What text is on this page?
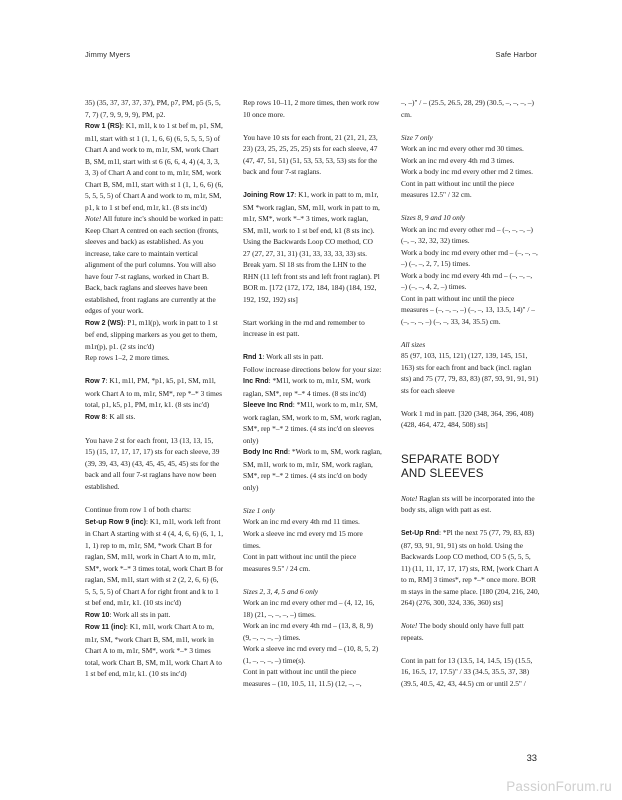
Jimmy Myers	Safe Harbor

35) (35, 37, 37, 37, 37), PM, p7, PM, p5 (5, 5, 7, 7) (7, 9, 9, 9, 9), PM, p2.

Row 1 (RS): K1, m1l, k to 1 st bef m, p1, SM, m1l, start with st 1 (1, 1, 6, 6) (6, 5, 5, 5, 5) of Chart A and work to m, m1r, SM, work Chart B, SM, m1l, start with st 6 (6, 6, 4, 4) (4, 3, 3, 3, 3) of Chart A and cont to m, m1r, SM, work Chart B, SM, m1l, start with st 1 (1, 1, 6, 6) (6, 5, 5, 5, 5) of Chart A and work to m, m1r, SM, p1, k to 1 st bef end, m1r, k1. (8 sts inc'd)

Note! All future inc's should be worked in patt: Keep Chart A centred on each section (fronts, sleeves and back) as established. As you increase, take care to maintain vertical alignment of the purl columns. You will also have four 7-st raglans, worked in Chart B. Back, back raglans and sleeves have been established, front raglans are currently at the edges of your work.

Row 2 (WS): P1, m1l(p), work in patt to 1 st bef end, slipping markers as you get to them, m1r(p), p1. (2 sts inc'd)

Rep rows 1–2, 2 more times.

Row 7: K1, m1l, PM, *p1, k5, p1, SM, m1l, work Chart A to m, m1r, SM*, rep *–* 3 times total, p1, k5, p1, PM, m1r, k1. (8 sts inc'd)

Row 8: K all sts.

You have 2 st for each front, 13 (13, 13, 15, 15) (15, 17, 17, 17, 17) sts for each sleeve, 39 (39, 39, 43, 43) (43, 45, 45, 45, 45) sts for the back and all four 7-st raglans have now been established.

Continue from row 1 of both charts:

Set-up Row 9 (inc): K1, m1l, work left front in Chart A starting with st 4 (4, 4, 6, 6) (6, 1, 1, 1, 1) rep to m, m1r, SM, *work Chart B for raglan, SM, m1l, work in Chart A to m, m1r, SM*, work *–* 3 times total, work Chart B for raglan, SM, m1l, start with st 2 (2, 2, 6, 6) (6, 5, 5, 5, 5) of Chart A for right front and k to 1 st bef end, m1r, k1. (10 sts inc'd)

Row 10: Work all sts in patt.

Row 11 (inc): K1, m1l, work Chart A to m, m1r, SM, *work Chart B, SM, m1l, work in Chart A to m, m1r, SM*, work *–* 3 times total, work Chart B, SM, m1l, work Chart A to 1 st bef end, m1r, k1. (10 sts inc'd)

Rep rows 10–11, 2 more times, then work row 10 once more.

You have 10 sts for each front, 21 (21, 21, 23, 23) (23, 25, 25, 25, 25) sts for each sleeve, 47 (47, 47, 51, 51) (51, 53, 53, 53, 53) sts for the back and four 7-st raglans.

Joining Row 17: K1, work in patt to m, m1r, SM *work raglan, SM, m1l, work in patt to m, m1r, SM*, work *–* 3 times, work raglan, SM, m1l, work to 1 st bef end, k1 (8 sts inc). Using the Backwards Loop CO method, CO 27 (27, 27, 31, 31) (31, 33, 33, 33, 33) sts. Break yarn. Sl 18 sts from the LHN to the RHN (11 left front sts and left front raglan). Pl BOR m. [172 (172, 172, 184, 184) (184, 192, 192, 192, 192) sts]

Start working in the rnd and remember to increase in est patt.

Rnd 1: Work all sts in patt.

Follow increase directions below for your size:

Inc Rnd: *M1l, work to m, m1r, SM, work raglan, SM*, rep *–* 4 times. (8 sts inc'd)

Sleeve Inc Rnd: *M1l, work to m, m1r, SM, work raglan, SM, work to m, SM, work raglan, SM*, rep *–* 2 times. (4 sts inc'd on sleeves only)

Body Inc Rnd: *Work to m, SM, work raglan, SM, m1l, work to m, m1r, SM, work raglan, SM*, rep *–* 2 times. (4 sts inc'd on body only)

Size 1 only

Work an inc rnd every 4th rnd 11 times.

Work a sleeve inc rnd every rnd 15 more times.

Cont in patt without inc until the piece measures 9.5" / 24 cm.

Sizes 2, 3, 4, 5 and 6 only

Work an inc rnd every other rnd – (4, 12, 16, 18) (21, –, –, –, –) times.

Work an inc rnd every 4th rnd – (13, 8, 8, 9) (9, –, –, –, –) times.

Work a sleeve inc rnd every rnd – (10, 8, 5, 2) (1, –, –, –, –) time(s).

Cont in patt without inc until the piece measures – (10, 10.5, 11, 11.5) (12, –, –,

–, –)" / – (25.5, 26.5, 28, 29) (30.5, –, –, –, –) cm.

Size 7 only

Work an inc rnd every other rnd 30 times.

Work an inc rnd every 4th rnd 3 times.

Work a body inc rnd every other rnd 2 times.

Cont in patt without inc until the piece measures 12.5" / 32 cm.

Sizes 8, 9 and 10 only

Work an inc rnd every other rnd – (–, –, –, –) (–, –, 32, 32, 32) times.

Work a body inc rnd every other rnd – (–, –, –, –) (–, –, 2, 7, 15) times.

Work a body inc rnd every 4th rnd – (–, –, –, –) (–, –, 4, 2, –) times.

Cont in patt without inc until the piece measures – (–, –, –, –) (–, –, 13, 13.5, 14)" / – (–, –, –, –) (–, –, 33, 34, 35.5) cm.

All sizes

85 (97, 103, 115, 121) (127, 139, 145, 151, 163) sts for each front and back (incl. raglan sts) and 75 (77, 79, 83, 83) (87, 93, 91, 91, 91) sts for each sleeve

Work 1 rnd in patt. [320 (348, 364, 396, 408) (428, 464, 472, 484, 508) sts]

SEPARATE BODY
AND SLEEVES

Note! Raglan sts will be incorporated into the body sts, align with patt as est.

Set-Up Rnd: *Pl the next 75 (77, 79, 83, 83) (87, 93, 91, 91, 91) sts on hold. Using the Backwards Loop CO method, CO 5 (5, 5, 5, 11) (11, 11, 17, 17, 17) sts, RM, [work Chart A to m, RM] 3 times*, rep *–* once more. BOR m stays in the same place. [180 (204, 216, 240, 264) (276, 300, 324, 336, 360) sts]

Note! The body should only have full patt repeats.

Cont in patt for 13 (13.5, 14, 14.5, 15) (15.5, 16, 16.5, 17, 17.5)" / 33 (34.5, 35.5, 37, 38) (39.5, 40.5, 42, 43, 44.5) cm or until 2.5" /

33
PassionForum.ru
